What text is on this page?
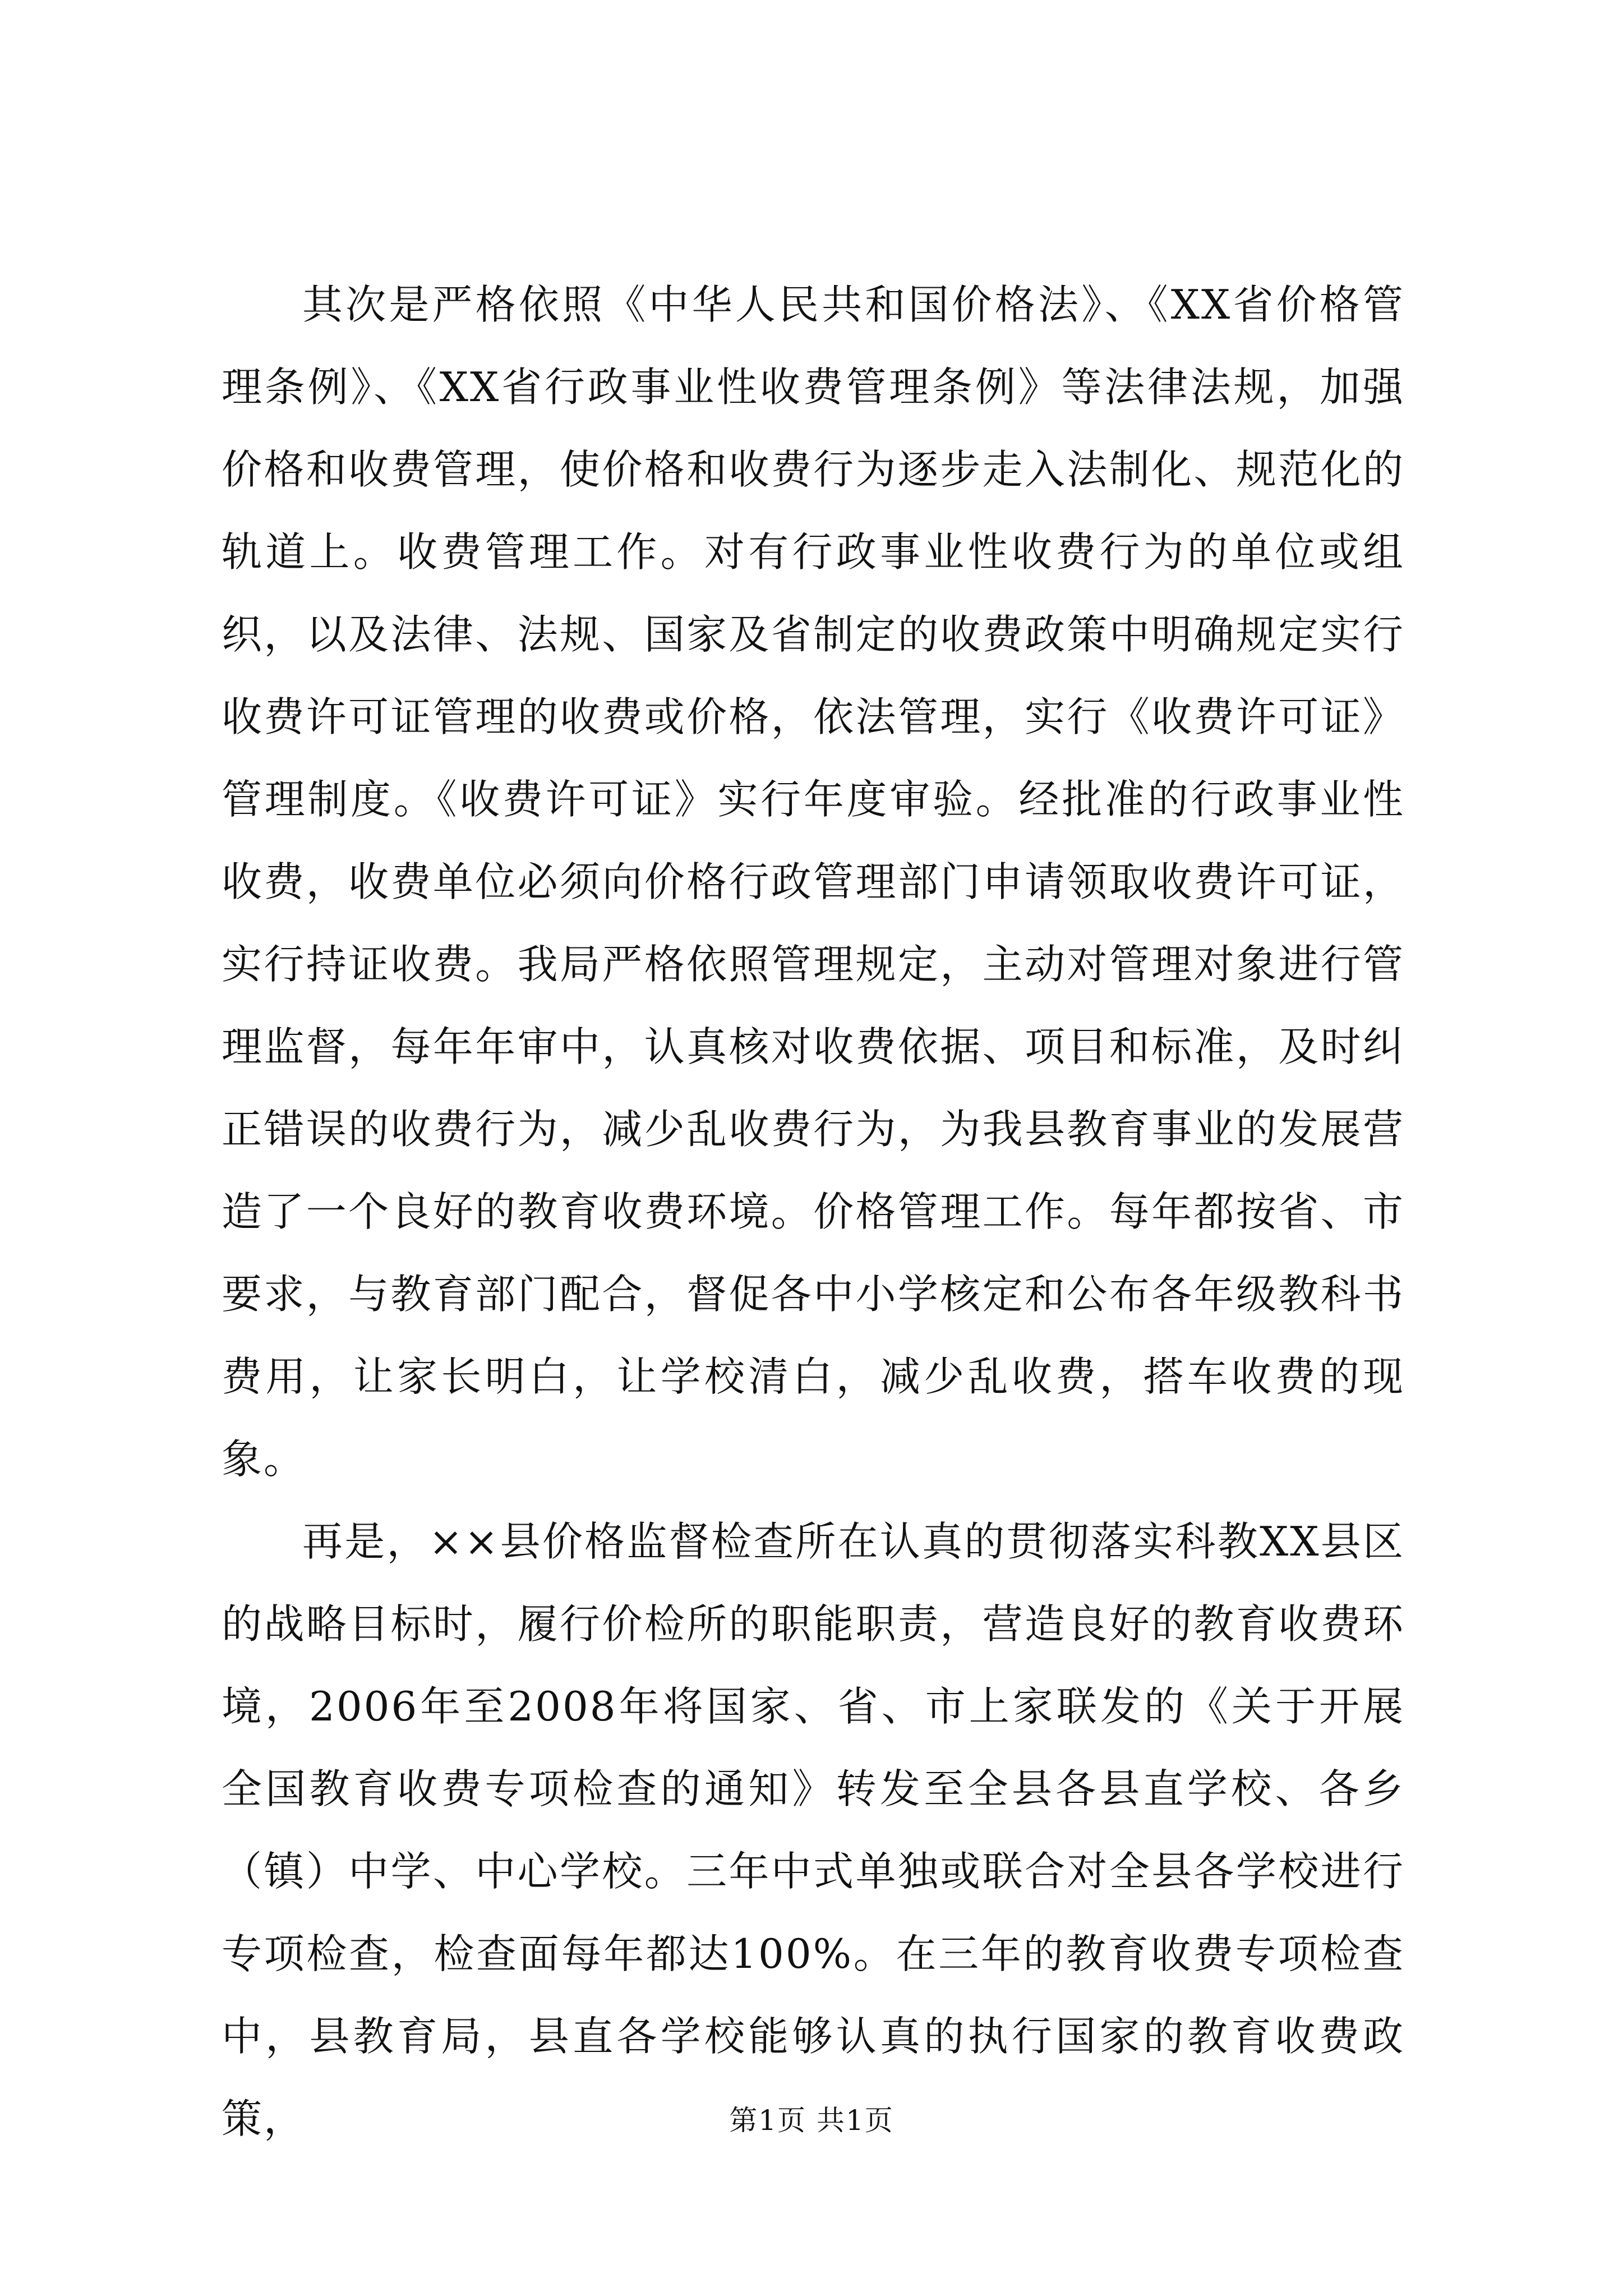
其次是严格依照《中华人民共和国价格法》、《XX省价格管理条例》、《XX省行政事业性收费管理条例》等法律法规，加强价格和收费管理，使价格和收费行为逐步走入法制化、规范化的轨道上。收费管理工作。对有行政事业性收费行为的单位或组织，以及法律、法规、国家及省制定的收费政策中明确规定实行收费许可证管理的收费或价格，依法管理，实行《收费许可证》管理制度。《收费许可证》实行年度审验。经批准的行政事业性收费，收费单位必须向价格行政管理部门申请领取收费许可证，实行持证收费。我局严格依照管理规定，主动对管理对象进行管理监督，每年年审中，认真核对收费依据、项目和标准，及时纠正错误的收费行为，减少乱收费行为，为我县教育事业的发展营造了一个良好的教育收费环境。价格管理工作。每年都按省、市要求，与教育部门配合，督促各中小学核定和公布各年级教科书费用，让家长明白，让学校清白，减少乱收费，搭车收费的现象。

再是，××县价格监督检查所在认真的贯彻落实科教XX县区的战略目标时，履行价检所的职能职责，营造良好的教育收费环境，2006年至2008年将国家、省、市上家联发的《关于开展全国教育收费专项检查的通知》转发至全县各县直学校、各乡（镇）中学、中心学校。三年中式单独或联合对全县各学校进行专项检查，检查面每年都达100%。在三年的教育收费专项检查中，县教育局，县直各学校能够认真的执行国家的教育收费政策，	第1页 共1页
